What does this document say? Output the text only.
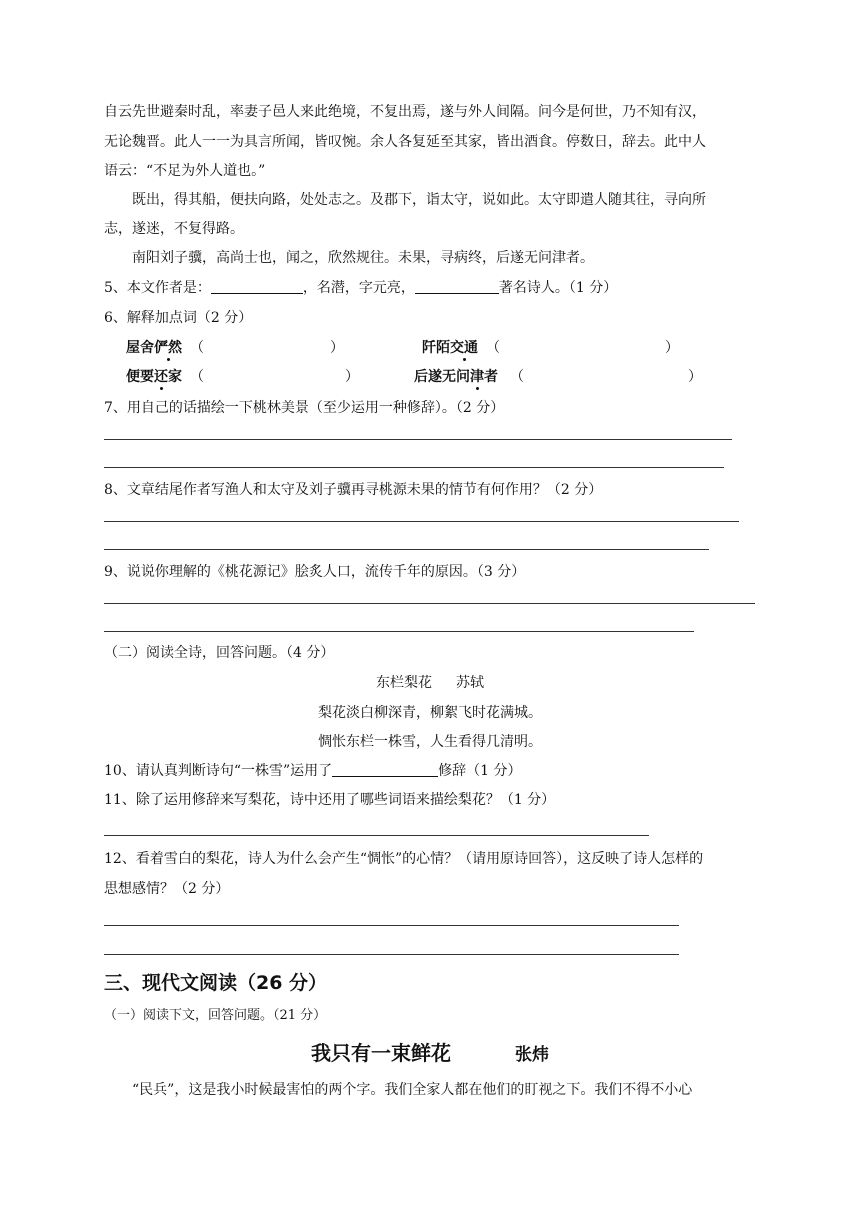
自云先世避秦时乱，率妻子邑人来此绝境，不复出焉，遂与外人间隔。问今是何世，乃不知有汉，
无论魏晋。此人一一为具言所闻，皆叹惋。余人各复延至其家，皆出酒食。停数日，辞去。此中人
语云：“不足为外人道也。”
既出，得其船，便扶向路，处处志之。及郡下，诣太守，说如此。太守即遣人随其往，寻向所
志，遂迷，不复得路。
南阳刘子骥，高尚士也，闻之，欣然规往。未果，寻病终，后遂无问津者。
5、本文作者是：	，名潜，字元亮，	著名诗人。（1 分）
6、解释加点词（2 分）
屋舍俨然 （	）	阡陌交通 （	）
便要还家 （	）	后遂无问津者 （	）
7、用自己的话描绘一下桃林美景（至少运用一种修辞）。（2 分）
8、文章结尾作者写渔人和太守及刘子骥再寻桃源未果的情节有何作用？（2 分）
9、说说你理解的《桃花源记》脍炙人口，流传千年的原因。（3 分）
（二）阅读全诗，回答问题。（4 分）
东栏梨花 苏轼
梨花淡白柳深青，柳絮飞时花满城。
惆怅东栏一株雪，人生看得几清明。
10、请认真判断诗句“一株雪”运用了	修辞（1 分）
11、除了运用修辞来写梨花，诗中还用了哪些词语来描绘梨花？（1 分）
12、看着雪白的梨花，诗人为什么会产生“惆怅”的心情？（请用原诗回答），这反映了诗人怎样的
思想感情？（2 分）
三、现代文阅读（26 分）
（一）阅读下文，回答问题。（21 分）
我只有一束鲜花	张炜
“民兵”，这是我小时候最害怕的两个字。我们全家人都在他们的盯视之下。我们不得不小心
